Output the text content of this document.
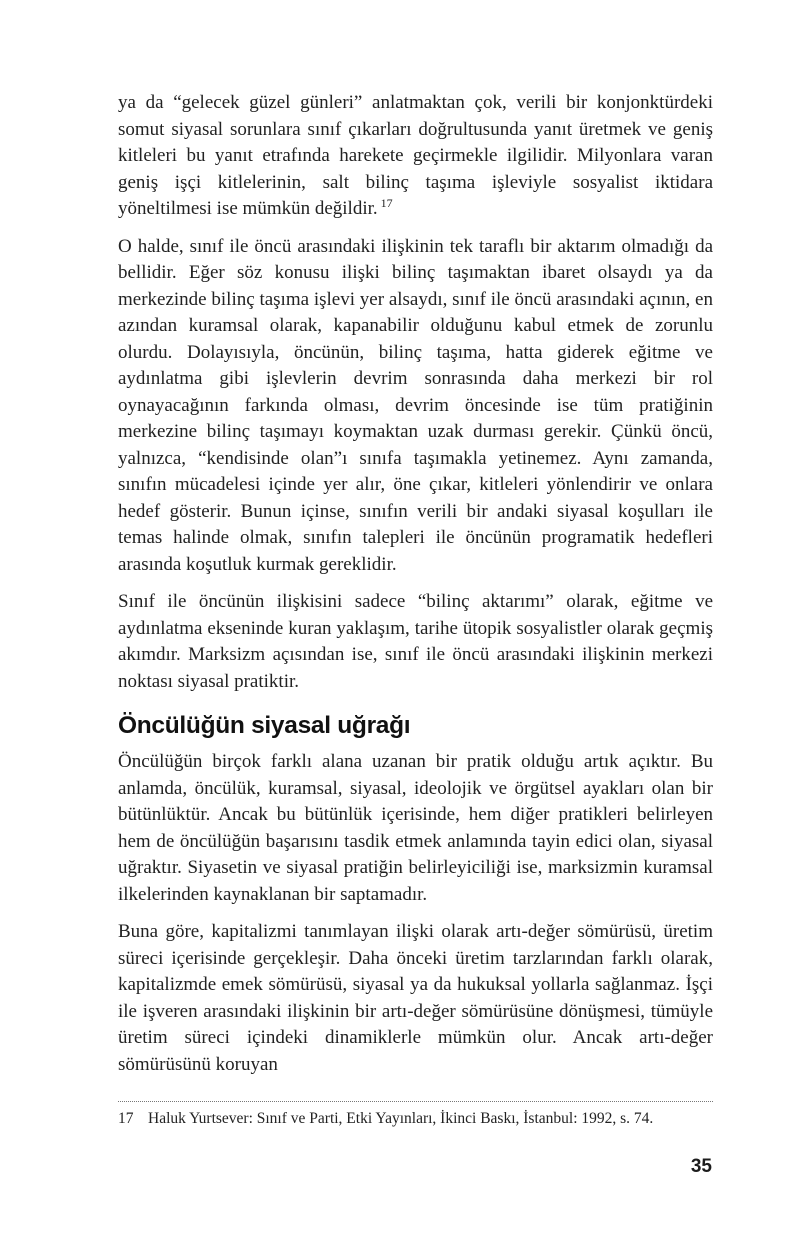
ya da “gelecek güzel günleri” anlatmaktan çok, verili bir konjonktürdeki somut siyasal sorunlara sınıf çıkarları doğrultusunda yanıt üretmek ve geniş kitleleri bu yanıt etrafında harekete geçirmekle ilgilidir. Milyonlara varan geniş işçi kitlelerinin, salt bilinç taşıma işleviyle sosyalist iktidara yöneltilmesi ise mümkün değildir. $^{17}$

O halde, sınıf ile öncü arasındaki ilişkinin tek taraflı bir aktarım olmadığı da bellidir. Eğer söz konusu ilişki bilinç taşımaktan ibaret olsaydı ya da merkezinde bilinç taşıma işlevi yer alsaydı, sınıf ile öncü arasındaki açının, en azından kuramsal olarak, kapanabilir olduğunu kabul etmek de zorunlu olurdu. Dolayısıyla, öncünün, bilinç taşıma, hatta giderek eğitme ve aydınlatma gibi işlevlerin devrim sonrasında daha merkezi bir rol oynayacağının farkında olması, devrim öncesinde ise tüm pratiğinin merkezine bilinç taşımayı koymaktan uzak durması gerekir. Çünkü öncü, yalnızca, “kendisinde olan”ı sınıfa taşımakla yetinemez. Aynı zamanda, sınıfın mücadelesi içinde yer alır, öne çıkar, kitleleri yönlendirir ve onlara hedef gösterir. Bunun içinse, sınıfın verili bir andaki siyasal koşulları ile temas halinde olmak, sınıfın talepleri ile öncünün programatik hedefleri arasında koşutluk kurmak gereklidir.

Sınıf ile öncünün ilişkisini sadece “bilinç aktarımı” olarak, eğitme ve aydınlatma ekseninde kuran yaklaşım, tarihe ütopik sosyalistler olarak geçmiş akımdır. Marksizm açısından ise, sınıf ile öncü arasındaki ilişkinin merkezi noktası siyasal pratiktir.

Öncülüğün siyasal uğrağı

Öncülüğün birçok farklı alana uzanan bir pratik olduğu artık açıktır. Bu anlamda, öncülük, kuramsal, siyasal, ideolojik ve örgütsel ayakları olan bir bütünlüktür. Ancak bu bütünlük içerisinde, hem diğer pratikleri belirleyen hem de öncülüğün başarısını tasdik etmek anlamında tayin edici olan, siyasal uğraktır. Siyasetin ve siyasal pratiğin belirleyiciliği ise, marksizmin kuramsal ilkelerinden kaynaklanan bir saptamadır.

Buna göre, kapitalizmi tanımlayan ilişki olarak artı-değer sömürüsü, üretim süreci içerisinde gerçekleşir. Daha önceki üretim tarzlarından farklı olarak, kapitalizmde emek sömürüsü, siyasal ya da hukuksal yollarla sağlanmaz. İşçi ile işveren arasındaki ilişkinin bir artı-değer sömürüsüne dönüşmesi, tümüyle üretim süreci içindeki dinamiklerle mümkün olur. Ancak artı-değer sömürüsünü koruyan

17 Haluk Yurtsever: Sınıf ve Parti, Etki Yayınları, İkinci Baskı, İstanbul: 1992, s. 74.
35
